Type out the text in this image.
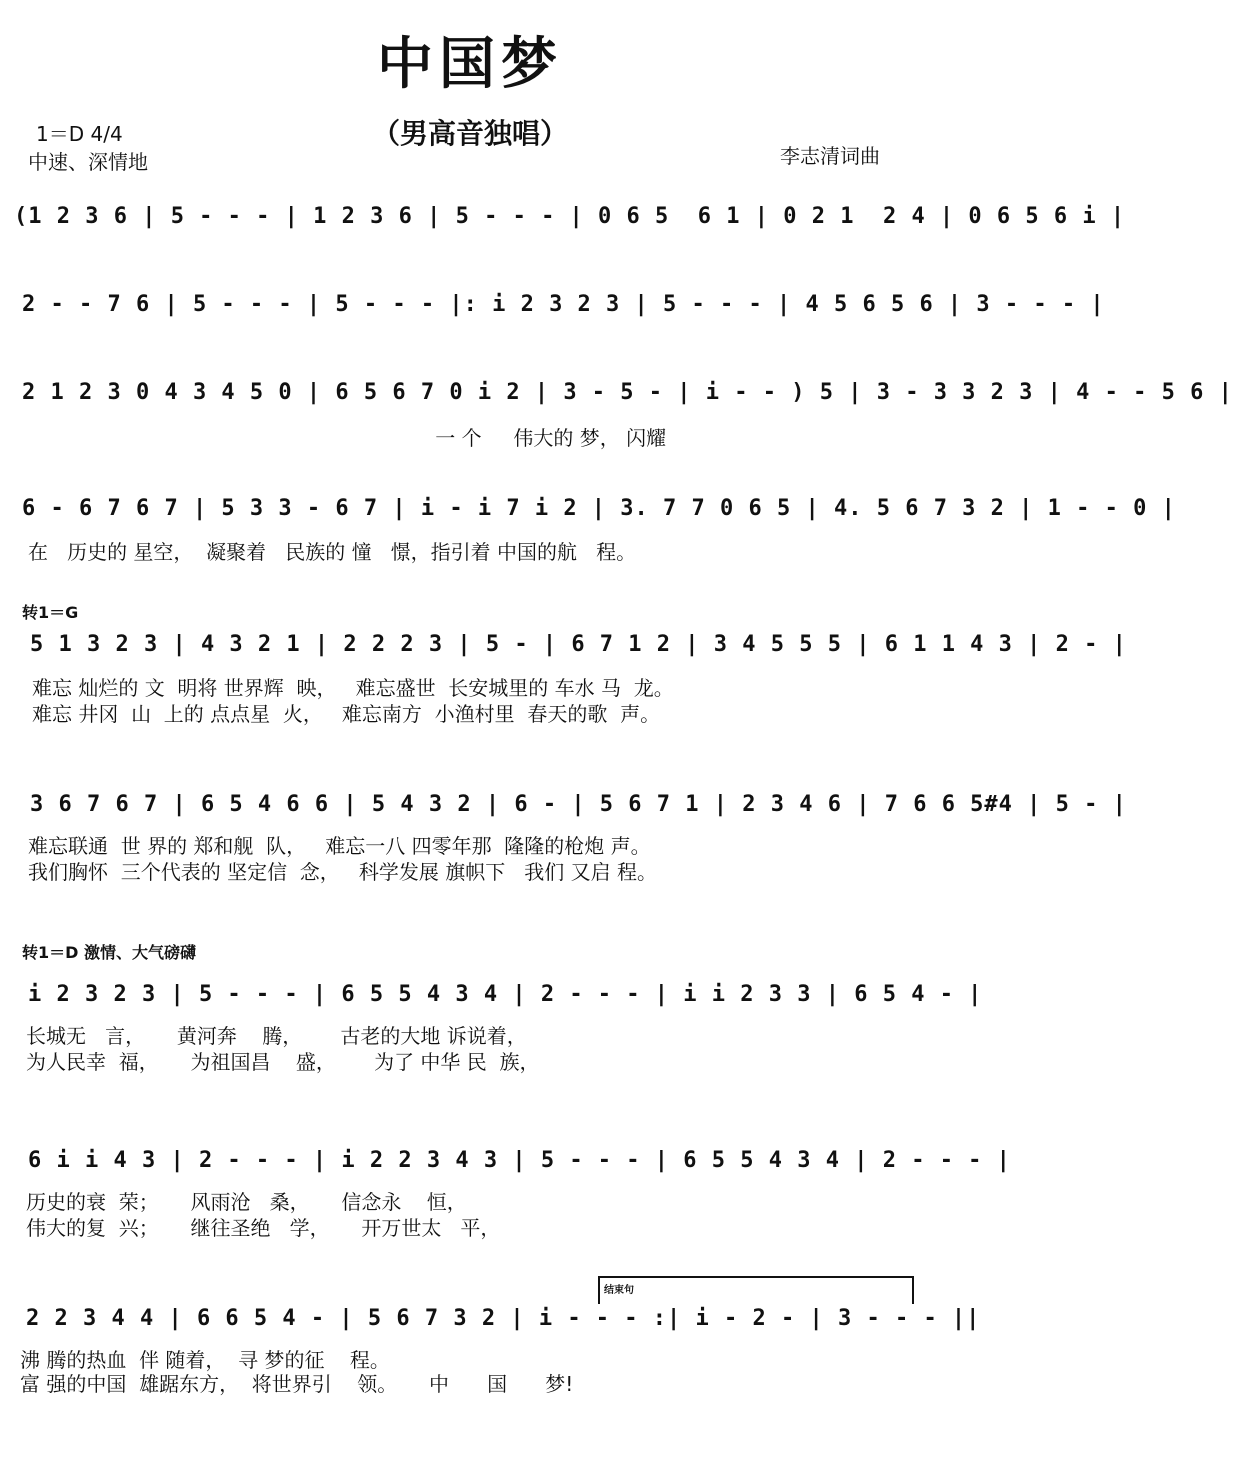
中国梦
（男高音独唱）
1＝D 4/4
中速、深情地	李志清词曲
(1 2 3 6 | 5 - - - | 1 2 3 6 | 5 - - - | 0 6 5  6 1 | 0 2 1  2 4 | 0 6 5 6 i |
2 - - 7 6 | 5 - - - | 5 - - - |: i 2 3 2 3 | 5 - - - | 4 5 6 5 6 | 3 - - - |
2 1 2 3 0 4 3 4 5 0 | 6 5 6 7 0 i 2 | 3 - 5 - | i - - ) 5 | 3 - 3 3 2 3 | 4 - - 5 6 |
一 个     伟大的 梦， 闪耀
6 - 6 7 6 7 | 5 3 3 - 6 7 | i - i 7 i 2 | 3. 7 7 0 6 5 | 4. 5 6 7 3 2 | 1 - - 0 |
在   历史的 星空，  凝聚着   民族的 憧   憬，指引着 中国的航   程。
转1＝G
5 1 3 2 3 | 4 3 2 1 | 2 2 2 3 | 5 - | 6 7 1 2 | 3 4 5 5 5 | 6 1 1 4 3 | 2 - |
难忘 灿烂的 文  明将 世界辉  映，   难忘盛世  长安城里的 车水 马  龙。
难忘 井冈  山  上的 点点星  火，   难忘南方  小渔村里  春天的歌  声。
3 6 7 6 7 | 6 5 4 6 6 | 5 4 3 2 | 6 - | 5 6 7 1 | 2 3 4 6 | 7 6 6 5#4 | 5 - |
难忘联通  世 界的 郑和舰  队，   难忘一八 四零年那  隆隆的枪炮 声。
我们胸怀  三个代表的 坚定信  念，   科学发展 旗帜下   我们 又启 程。
转1＝D 激情、大气磅礴
i 2 3 2 3 | 5 - - - | 6 5 5 4 3 4 | 2 - - - | i i 2 3 3 | 6 5 4 - |
长城无   言，     黄河奔    腾，      古老的大地 诉说着，
为人民幸  福，     为祖国昌    盛，      为了 中华 民  族，
6 i i 4 3 | 2 - - - | i 2 2 3 4 3 | 5 - - - | 6 5 5 4 3 4 | 2 - - - |
历史的衰  荣；     风雨沧   桑，     信念永    恒，
伟大的复  兴；     继往圣绝   学，     开万世太   平，
结束句
2 2 3 4 4 | 6 6 5 4 - | 5 6 7 3 2 | i - - - :| i - 2 - | 3 - - - ||
沸 腾的热血  伴 随着，  寻 梦的征    程。
富 强的中国  雄踞东方，  将世界引    领。     中      国      梦!
